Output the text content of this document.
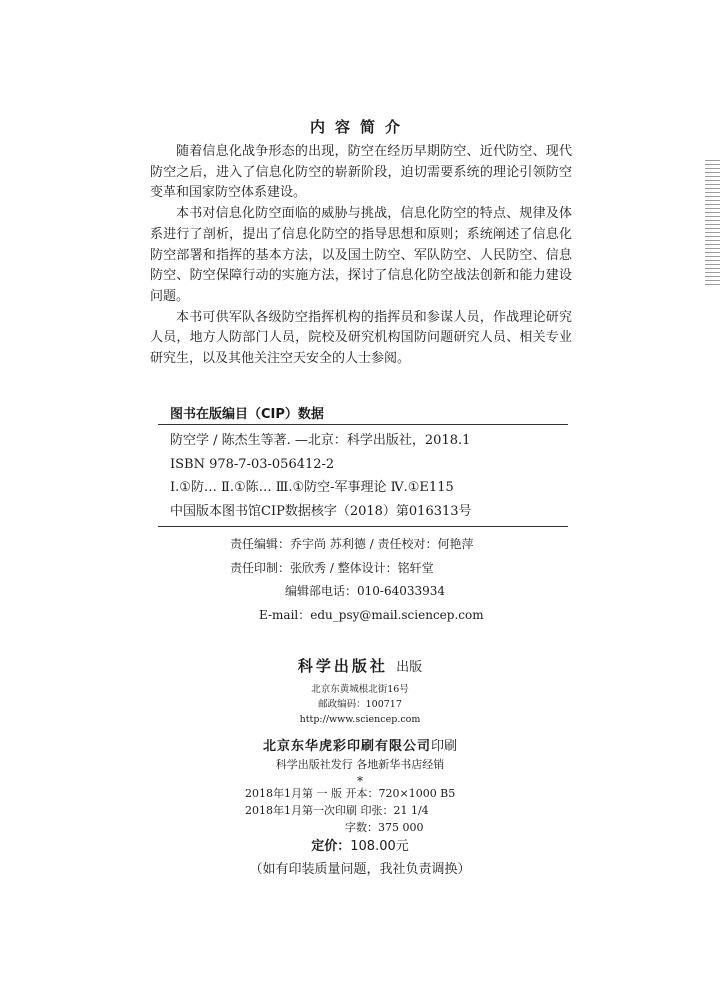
内容简介

随着信息化战争形态的出现，防空在经历早期防空、近代防空、现代防空之后，进入了信息化防空的崭新阶段，迫切需要系统的理论引领防空变革和国家防空体系建设。

本书对信息化防空面临的威胁与挑战，信息化防空的特点、规律及体系进行了剖析，提出了信息化防空的指导思想和原则；系统阐述了信息化防空部署和指挥的基本方法，以及国土防空、军队防空、人民防空、信息防空、防空保障行动的实施方法，探讨了信息化防空战法创新和能力建设问题。

本书可供军队各级防空指挥机构的指挥员和参谋人员，作战理论研究人员，地方人防部门人员，院校及研究机构国防问题研究人员、相关专业研究生，以及其他关注空天安全的人士参阅。

图书在版编目（CIP）数据
防空学 / 陈杰生等著. —北京：科学出版社，2018.1
ISBN 978-7-03-056412-2
Ⅰ.①防… Ⅱ.①陈… Ⅲ.①防空-军事理论 Ⅳ.①E115
中国版本图书馆CIP数据核字（2018）第016313号
责任编辑：乔宇尚 苏利德 / 责任校对：何艳萍
责任印制：张欣秀 / 整体设计：铭轩堂
编辑部电话：010-64033934
E-mail：edu_psy@mail.sciencep.com
科学出版社 出版
北京东黄城根北街16号
邮政编码：100717
http://www.sciencep.com
北京东华虎彩印刷有限公司印刷
科学出版社发行 各地新华书店经销
*
2018年1月第 一 版 开本：720×1000 B5
2018年1月第一次印刷 印张：21 1/4
字数：375 000
定价：108.00元
（如有印装质量问题，我社负责调换）
